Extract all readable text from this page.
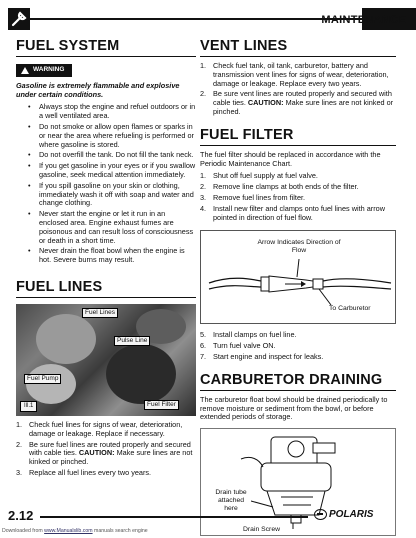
MAINTENANCE
FUEL SYSTEM
WARNING
Gasoline is extremely flammable and explosive under certain conditions.
• Always stop the engine and refuel outdoors or in a well ventilated area.
• Do not smoke or allow open flames or sparks in or near the area where refueling is performed or where gasoline is stored.
• Do not overfill the tank. Do not fill the tank neck.
• If you get gasoline in your eyes or if you swallow gasoline, seek medical attention immediately.
• If you spill gasoline on your skin or clothing, immediately wash it off with soap and water and change clothing.
• Never start the engine or let it run in an enclosed area. Engine exhaust fumes are poisonous and can result loss of consciousness or death in a short time.
• Never drain the float bowl when the engine is hot. Severe burns may result.
FUEL LINES
Fuel Lines
Pulse Line
Fuel Pump
Fuel Filter
Ill.1
1. Check fuel lines for signs of wear, deterioration, damage or leakage. Replace if necessary.
2. Be sure fuel lines are routed properly and secured with cable ties. CAUTION: Make sure lines are not kinked or pinched.
3. Replace all fuel lines every two years.
VENT LINES
1. Check fuel tank, oil tank, carburetor, battery and transmission vent lines for signs of wear, deterioration, damage or leakage. Replace every two years.
2. Be sure vent lines are routed properly and secured with cable ties. CAUTION: Make sure lines are not kinked or pinched.
FUEL FILTER

The fuel filter should be replaced in accordance with the Periodic Maintenance Chart.

1. Shut off fuel supply at fuel valve.
2. Remove line clamps at both ends of the filter.
3. Remove fuel lines from filter.
4. Install new filter and clamps onto fuel lines with arrow pointed in direction of fuel flow.
Arrow Indicates Direction of Flow
To Carburetor
5. Install clamps on fuel line.
6. Turn fuel valve ON.
7. Start engine and inspect for leaks.
CARBURETOR DRAINING

The carburetor float bowl should be drained periodically to remove moisture or sediment from the bowl, or before extended periods of storage.

Drain tube attached here
Drain Screw
2.12	POLARIS
Downloaded from www.Manualslib.com manuals search engine
